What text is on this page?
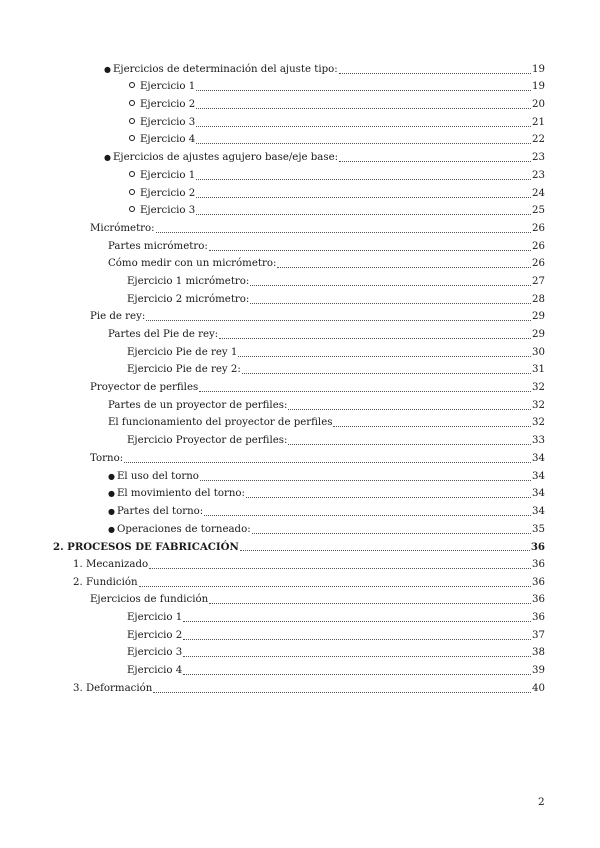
● Ejercicios de determinación del ajuste tipo:	19
Ejercicio 1	19
Ejercicio 2	20
Ejercicio 3	21
Ejercicio 4	22
● Ejercicios de ajustes agujero base/eje base:	23
Ejercicio 1	23
Ejercicio 2	24
Ejercicio 3	25
Micrómetro:	26
Partes micrómetro:	26
Cómo medir con un micrómetro:	26
Ejercicio 1 micrómetro:	27
Ejercicio 2 micrómetro:	28
Pie de rey:	29
Partes del Pie de rey:	29
Ejercicio Pie de rey 1	30
Ejercicio Pie de rey 2:	31
Proyector de perfiles	32
Partes de un proyector de perfiles:	32
El funcionamiento del proyector de perfiles	32
Ejercicio Proyector de perfiles:	33
Torno:	34
● El uso del torno	34
● El movimiento del torno:	34
● Partes del torno:	34
● Operaciones de torneado:	35
2. PROCESOS DE FABRICACIÓN	36
1. Mecanizado	36
2. Fundición	36
Ejercicios de fundición	36
Ejercicio 1	36
Ejercicio 2	37
Ejercicio 3	38
Ejercicio 4	39
3. Deformación	40
2
